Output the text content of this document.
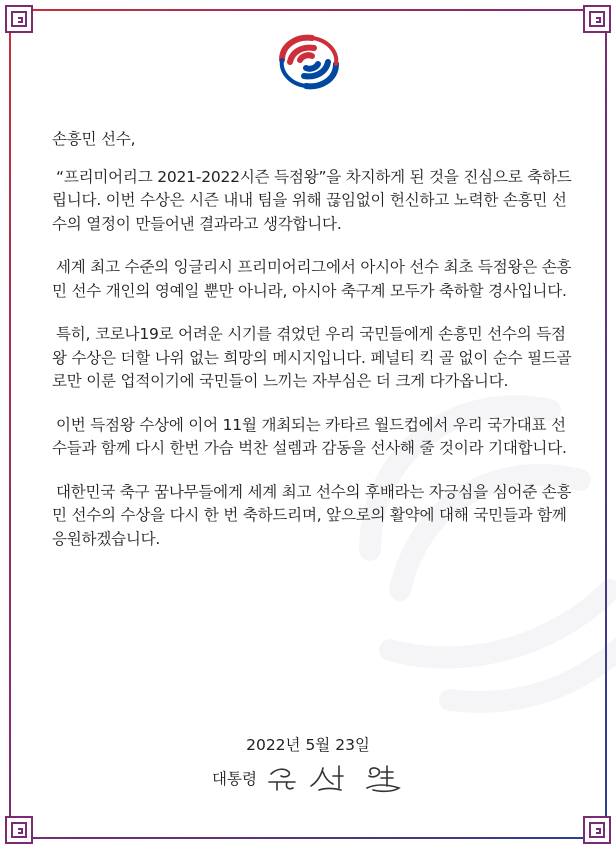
손흥민 선수,

“프리미어리그 2021-2022시즌 득점왕”을 차지하게 된 것을 진심으로 축하드립니다. 이번 수상은 시즌 내내 팀을 위해 끊임없이 헌신하고 노력한 손흥민 선수의 열정이 만들어낸 결과라고 생각합니다.

세계 최고 수준의 잉글리시 프리미어리그에서 아시아 선수 최초 득점왕은 손흥민 선수 개인의 영예일 뿐만 아니라, 아시아 축구계 모두가 축하할 경사입니다.

특히, 코로나19로 어려운 시기를 겪었던 우리 국민들에게 손흥민 선수의 득점왕 수상은 더할 나위 없는 희망의 메시지입니다. 페널티 킥 골 없이 순수 필드골로만 이룬 업적이기에 국민들이 느끼는 자부심은 더 크게 다가옵니다.

이번 득점왕 수상에 이어 11월 개최되는 카타르 월드컵에서 우리 국가대표 선수들과 함께 다시 한번 가슴 벅찬 설렘과 감동을 선사해 줄 것이라 기대합니다.

대한민국 축구 꿈나무들에게 세계 최고 선수의 후배라는 자긍심을 심어준 손흥민 선수의 수상을 다시 한 번 축하드리며, 앞으로의 활약에 대해 국민들과 함께 응원하겠습니다.

2022년 5월 23일
대통령
